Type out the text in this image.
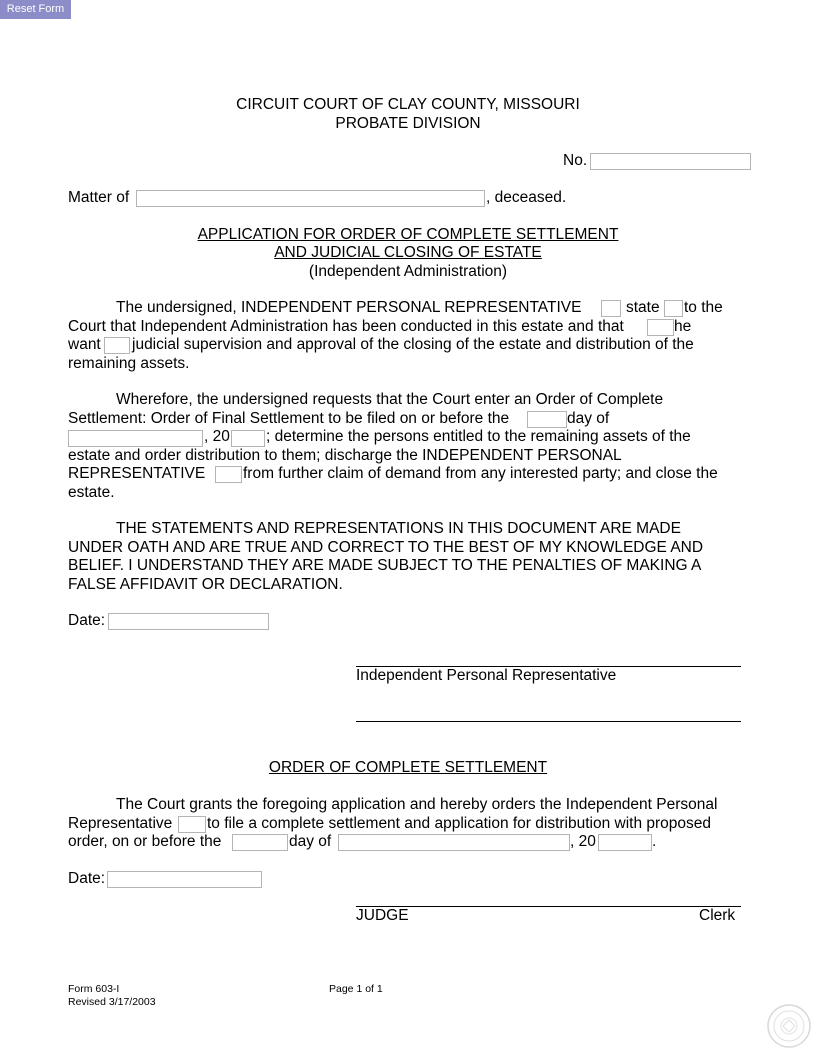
Reset Form
CIRCUIT COURT OF CLAY COUNTY, MISSOURI
PROBATE DIVISION
No.
Matter of	, deceased.
APPLICATION FOR ORDER OF COMPLETE SETTLEMENT
AND JUDICIAL CLOSING OF ESTATE
(Independent Administration)
The undersigned, INDEPENDENT PERSONAL REPRESENTATIVE	state to the
Court that Independent Administration has been conducted in this estate and that	he
want judicial supervision and approval of the closing of the estate and distribution of the
remaining assets.
Wherefore, the undersigned requests that the Court enter an Order of Complete
Settlement: Order of Final Settlement to be filed on or before the	day of
, 20 ; determine the persons entitled to the remaining assets of the
estate and order distribution to them; discharge the INDEPENDENT PERSONAL
REPRESENTATIVE from further claim of demand from any interested party; and close the
estate.
THE STATEMENTS AND REPRESENTATIONS IN THIS DOCUMENT ARE MADE
UNDER OATH AND ARE TRUE AND CORRECT TO THE BEST OF MY KNOWLEDGE AND
BELIEF. I UNDERSTAND THEY ARE MADE SUBJECT TO THE PENALTIES OF MAKING A
FALSE AFFIDAVIT OR DECLARATION.
Date:
Independent Personal Representative
ORDER OF COMPLETE SETTLEMENT
The Court grants the foregoing application and hereby orders the Independent Personal
Representative to file a complete settlement and application for distribution with proposed
order, on or before the	day of	, 20	.
Date:
JUDGE	Clerk
Form 603-I
Revised 3/17/2003
Page 1 of 1
